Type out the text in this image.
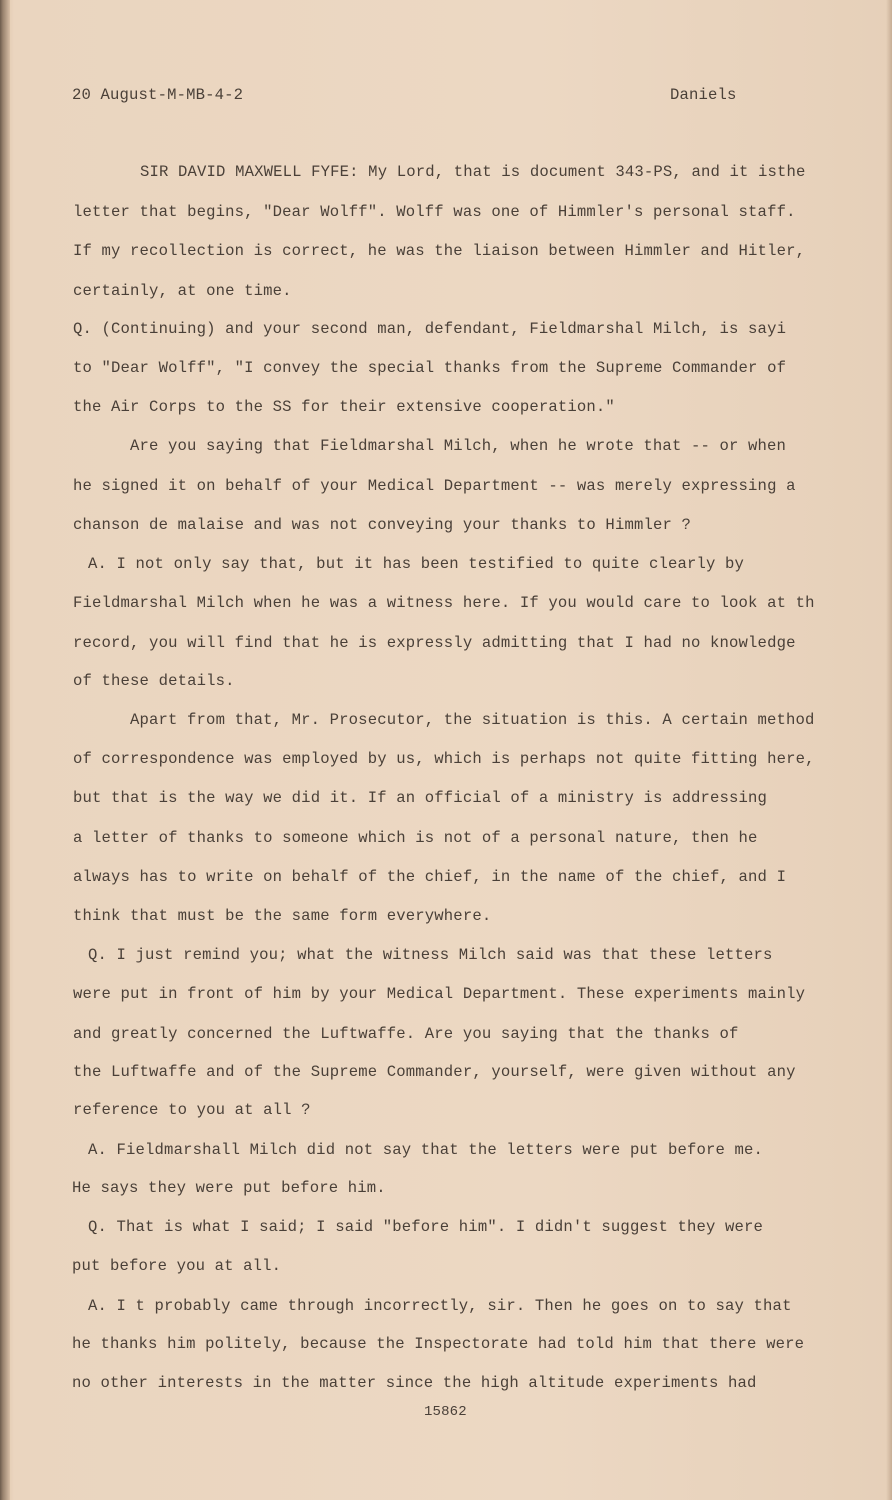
20 August-M-MB-4-2	Daniels
SIR DAVID MAXWELL FYFE: My Lord, that is document 343-PS, and it isthe
letter that begins, "Dear Wolff". Wolff was one of Himmler's personal staff.
If my recollection is correct, he was the liaison between Himmler and Hitler,
certainly, at one time.
Q. (Continuing) and your second man, defendant, Fieldmarshal Milch, is sayi
to "Dear Wolff", "I convey the special thanks from the Supreme Commander of
the Air Corps to the SS for their extensive cooperation."
Are you saying that Fieldmarshal Milch, when he wrote that -- or when
he signed it on behalf of your Medical Department -- was merely expressing a
chanson de malaise and was not conveying your thanks to Himmler ?
A. I not only say that, but it has been testified to quite clearly by
Fieldmarshal Milch when he was a witness here. If you would care to look at th
record, you will find that he is expressly admitting that I had no knowledge
of these details.
Apart from that, Mr. Prosecutor, the situation is this. A certain method
of correspondence was employed by us, which is perhaps not quite fitting here,
but that is the way we did it. If an official of a ministry is addressing
a letter of thanks to someone which is not of a personal nature, then he
always has to write on behalf of the chief, in the name of the chief, and I
think that must be the same form everywhere.
Q. I just remind you; what the witness Milch said was that these letters
were put in front of him by your Medical Department. These experiments mainly
and greatly concerned the Luftwaffe. Are you saying that the thanks of
the Luftwaffe and of the Supreme Commander, yourself, were given without any
reference to you at all ?
A. Fieldmarshall Milch did not say that the letters were put before me.
He says they were put before him.
Q. That is what I said; I said "before him". I didn't suggest they were
put before you at all.
A. I t probably came through incorrectly, sir. Then he goes on to say that
he thanks him politely, because the Inspectorate had told him that there were
no other interests in the matter since the high altitude experiments had
15862
